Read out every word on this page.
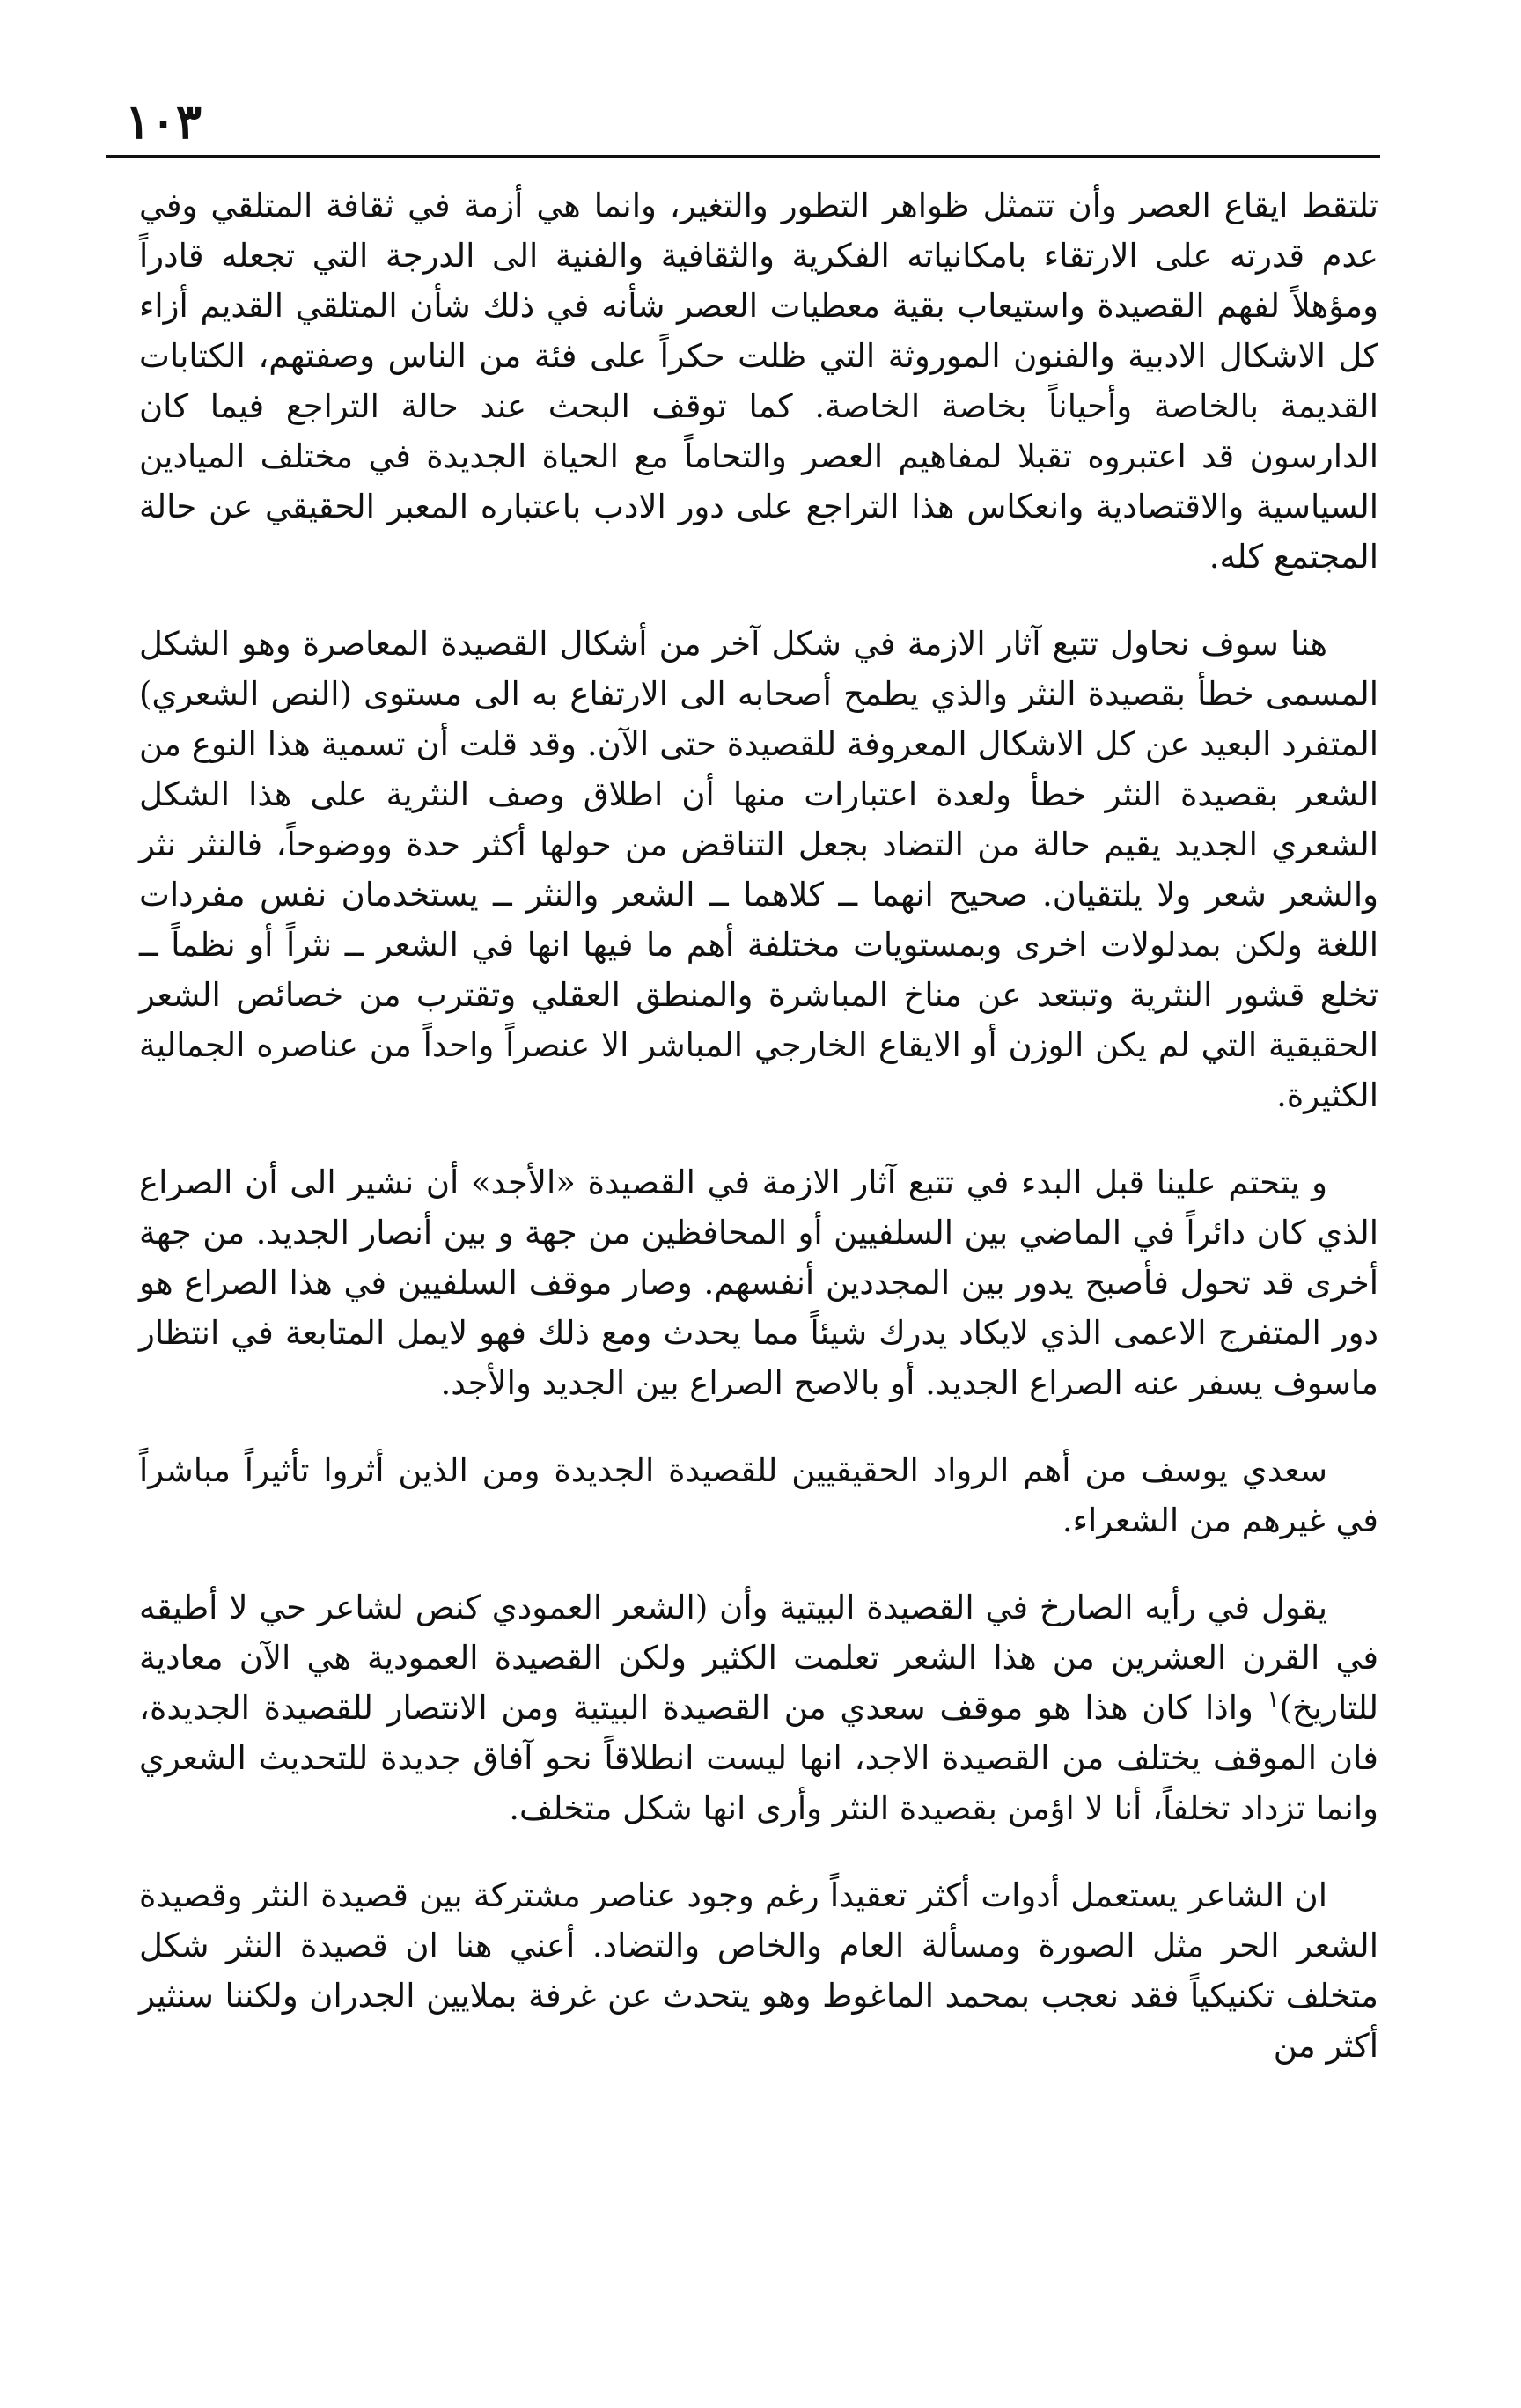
١٠٣

تلتقط ايقاع العصر وأن تتمثل ظواهر التطور والتغير، وانما هي أزمة في ثقافة المتلقي وفي عدم قدرته على الارتقاء بامكانياته الفكرية والثقافية والفنية الى الدرجة التي تجعله قادراً ومؤهلاً لفهم القصيدة واستيعاب بقية معطيات العصر شأنه في ذلك شأن المتلقي القديم أزاء كل الاشكال الادبية والفنون الموروثة التي ظلت حكراً على فئة من الناس وصفتهم، الكتابات القديمة بالخاصة وأحياناً بخاصة الخاصة. كما توقف البحث عند حالة التراجع فيما كان الدارسون قد اعتبروه تقبلا لمفاهيم العصر والتحاماً مع الحياة الجديدة في مختلف الميادين السياسية والاقتصادية وانعكاس هذا التراجع على دور الادب باعتباره المعبر الحقيقي عن حالة المجتمع كله.

هنا سوف نحاول تتبع آثار الازمة في شكل آخر من أشكال القصيدة المعاصرة وهو الشكل المسمى خطأ بقصيدة النثر والذي يطمح أصحابه الى الارتفاع به الى مستوى (النص الشعري) المتفرد البعيد عن كل الاشكال المعروفة للقصيدة حتى الآن. وقد قلت أن تسمية هذا النوع من الشعر بقصيدة النثر خطأ ولعدة اعتبارات منها أن اطلاق وصف النثرية على هذا الشكل الشعري الجديد يقيم حالة من التضاد بجعل التناقض من حولها أكثر حدة ووضوحاً، فالنثر نثر والشعر شعر ولا يلتقيان. صحيح انهما ــ كلاهما ــ الشعر والنثر ــ يستخدمان نفس مفردات اللغة ولكن بمدلولات اخرى وبمستويات مختلفة أهم ما فيها انها في الشعر ــ نثراً أو نظماً ــ تخلع قشور النثرية وتبتعد عن مناخ المباشرة والمنطق العقلي وتقترب من خصائص الشعر الحقيقية التي لم يكن الوزن أو الايقاع الخارجي المباشر الا عنصراً واحداً من عناصره الجمالية الكثيرة.

و يتحتم علينا قبل البدء في تتبع آثار الازمة في القصيدة «الأجد» أن نشير الى أن الصراع الذي كان دائراً في الماضي بين السلفيين أو المحافظين من جهة و بين أنصار الجديد. من جهة أخرى قد تحول فأصبح يدور بين المجددين أنفسهم. وصار موقف السلفيين في هذا الصراع هو دور المتفرج الاعمى الذي لايكاد يدرك شيئاً مما يحدث ومع ذلك فهو لايمل المتابعة في انتظار ماسوف يسفر عنه الصراع الجديد. أو بالاصح الصراع بين الجديد والأجد.

سعدي يوسف من أهم الرواد الحقيقيين للقصيدة الجديدة ومن الذين أثروا تأثيراً مباشراً في غيرهم من الشعراء.

يقول في رأيه الصارخ في القصيدة البيتية وأن (الشعر العمودي كنص لشاعر حي لا أطيقه في القرن العشرين من هذا الشعر تعلمت الكثير ولكن القصيدة العمودية هي الآن معادية للتاريخ)$^١$ واذا كان هذا هو موقف سعدي من القصيدة البيتية ومن الانتصار للقصيدة الجديدة، فان الموقف يختلف من القصيدة الاجد، انها ليست انطلاقاً نحو آفاق جديدة للتحديث الشعري وانما تزداد تخلفاً، أنا لا اؤمن بقصيدة النثر وأرى انها شكل متخلف.

ان الشاعر يستعمل أدوات أكثر تعقيداً رغم وجود عناصر مشتركة بين قصيدة النثر وقصيدة الشعر الحر مثل الصورة ومسألة العام والخاص والتضاد. أعني هنا ان قصيدة النثر شكل متخلف تكنيكياً فقد نعجب بمحمد الماغوط وهو يتحدث عن غرفة بملايين الجدران ولكننا سنثير أكثر من
